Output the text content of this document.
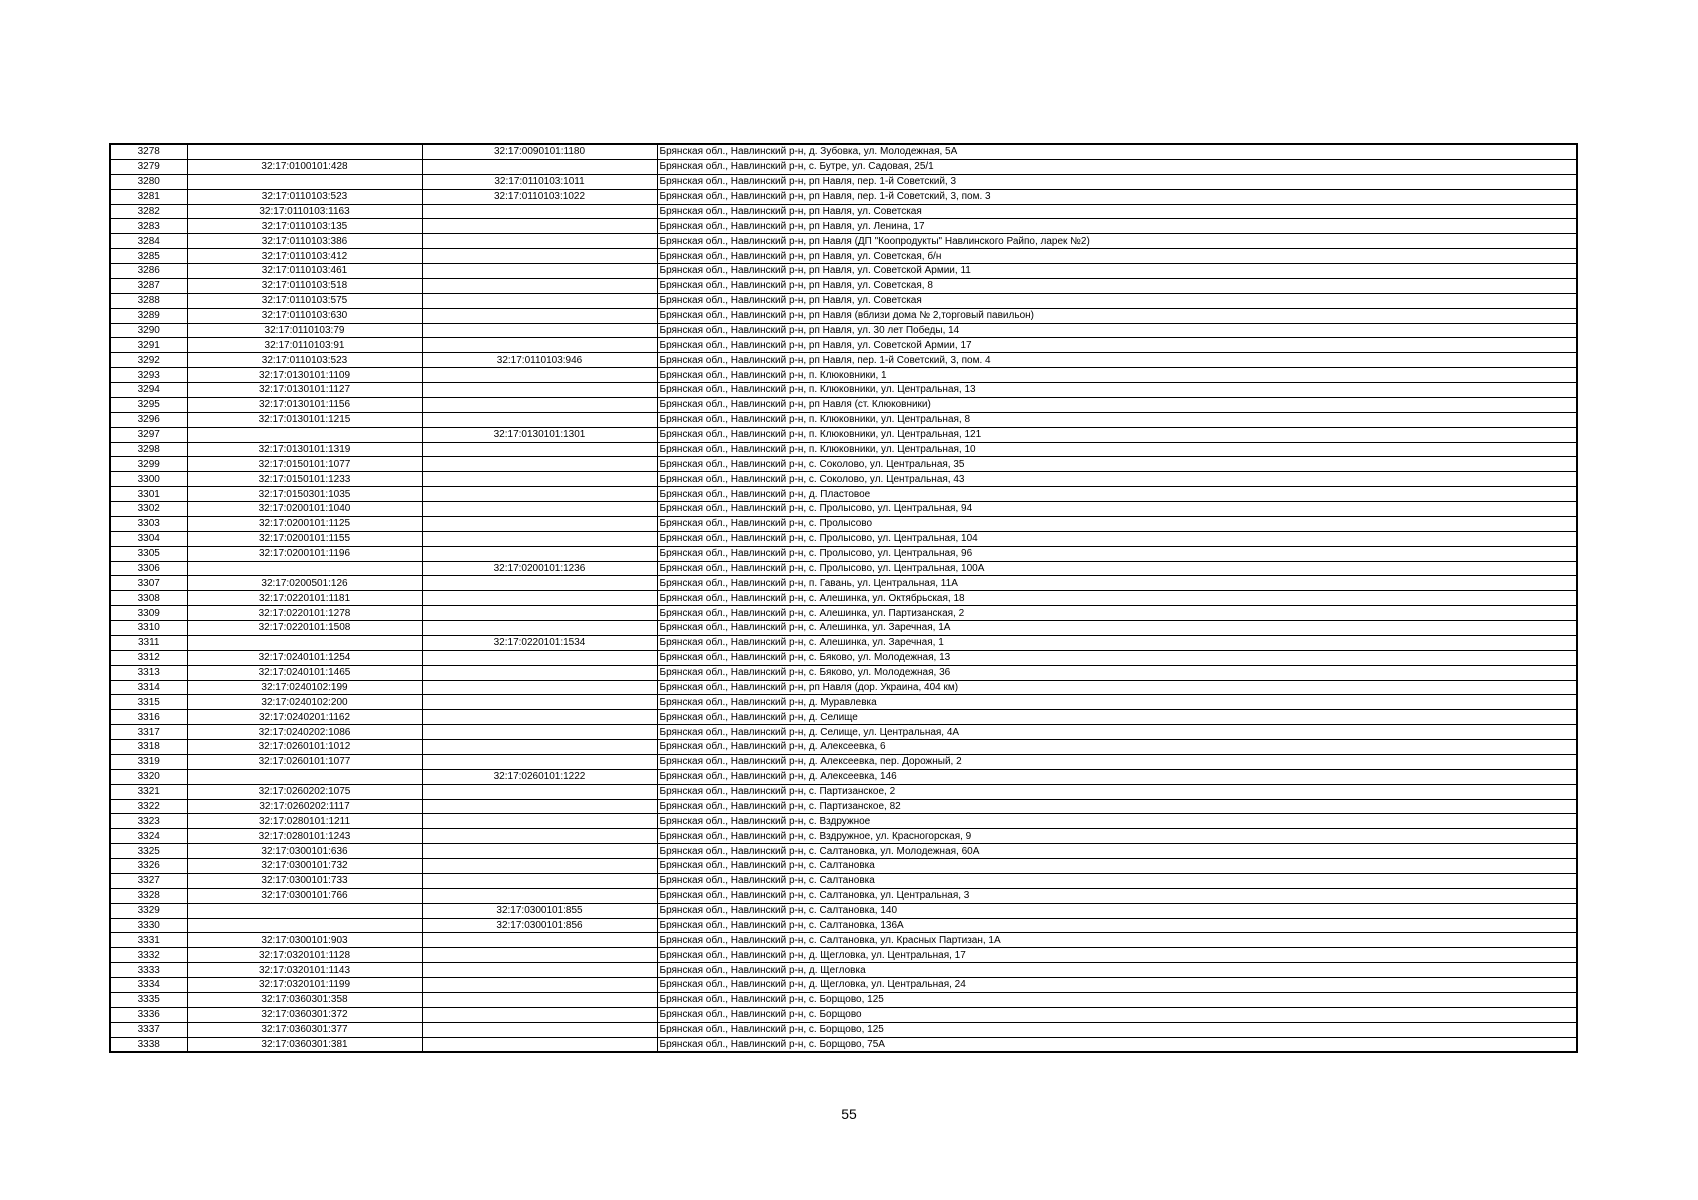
3278		32:17:0090101:1180	Брянская обл., Навлинский р-н, д. Зубовка, ул. Молодежная, 5А
3279	32:17:0100101:428		Брянская обл., Навлинский р-н, с. Бутре, ул. Садовая, 25/1
3280		32:17:0110103:1011	Брянская обл., Навлинский р-н, рп Навля, пер. 1-й Советский, 3
3281	32:17:0110103:523	32:17:0110103:1022	Брянская обл., Навлинский р-н, рп Навля, пер. 1-й Советский, 3, пом. 3
3282	32:17:0110103:1163		Брянская обл., Навлинский р-н, рп Навля, ул. Советская
3283	32:17:0110103:135		Брянская обл., Навлинский р-н, рп Навля, ул. Ленина, 17
3284	32:17:0110103:386		Брянская обл., Навлинский р-н, рп Навля (ДП "Коопродукты" Навлинского Райпо, ларек №2)
3285	32:17:0110103:412		Брянская обл., Навлинский р-н, рп Навля, ул. Советская, б/н
3286	32:17:0110103:461		Брянская обл., Навлинский р-н, рп Навля, ул. Советской Армии, 11
3287	32:17:0110103:518		Брянская обл., Навлинский р-н, рп Навля, ул. Советская, 8
3288	32:17:0110103:575		Брянская обл., Навлинский р-н, рп Навля, ул. Советская
3289	32:17:0110103:630		Брянская обл., Навлинский р-н, рп Навля (вблизи дома № 2,торговый павильон)
3290	32:17:0110103:79		Брянская обл., Навлинский р-н, рп Навля, ул. 30 лет Победы, 14
3291	32:17:0110103:91		Брянская обл., Навлинский р-н, рп Навля, ул. Советской Армии, 17
3292	32:17:0110103:523	32:17:0110103:946	Брянская обл., Навлинский р-н, рп Навля, пер. 1-й Советский, 3, пом. 4
3293	32:17:0130101:1109		Брянская обл., Навлинский р-н, п. Клюковники, 1
3294	32:17:0130101:1127		Брянская обл., Навлинский р-н, п. Клюковники, ул. Центральная, 13
3295	32:17:0130101:1156		Брянская обл., Навлинский р-н, рп Навля (ст. Клюковники)
3296	32:17:0130101:1215		Брянская обл., Навлинский р-н, п. Клюковники, ул. Центральная, 8
3297		32:17:0130101:1301	Брянская обл., Навлинский р-н, п. Клюковники, ул. Центральная, 121
3298	32:17:0130101:1319		Брянская обл., Навлинский р-н, п. Клюковники, ул. Центральная, 10
3299	32:17:0150101:1077		Брянская обл., Навлинский р-н, с. Соколово, ул. Центральная, 35
3300	32:17:0150101:1233		Брянская обл., Навлинский р-н, с. Соколово, ул. Центральная, 43
3301	32:17:0150301:1035		Брянская обл., Навлинский р-н, д. Пластовое
3302	32:17:0200101:1040		Брянская обл., Навлинский р-н, с. Пролысово, ул. Центральная, 94
3303	32:17:0200101:1125		Брянская обл., Навлинский р-н, с. Пролысово
3304	32:17:0200101:1155		Брянская обл., Навлинский р-н, с. Пролысово, ул. Центральная, 104
3305	32:17:0200101:1196		Брянская обл., Навлинский р-н, с. Пролысово, ул. Центральная, 96
3306		32:17:0200101:1236	Брянская обл., Навлинский р-н, с. Пролысово, ул. Центральная, 100А
3307	32:17:0200501:126		Брянская обл., Навлинский р-н, п. Гавань, ул. Центральная, 11А
3308	32:17:0220101:1181		Брянская обл., Навлинский р-н, с. Алешинка, ул. Октябрьская, 18
3309	32:17:0220101:1278		Брянская обл., Навлинский р-н, с. Алешинка, ул. Партизанская, 2
3310	32:17:0220101:1508		Брянская обл., Навлинский р-н, с. Алешинка, ул. Заречная, 1А
3311		32:17:0220101:1534	Брянская обл., Навлинский р-н, с. Алешинка, ул. Заречная, 1
3312	32:17:0240101:1254		Брянская обл., Навлинский р-н, с. Бяково, ул. Молодежная, 13
3313	32:17:0240101:1465		Брянская обл., Навлинский р-н, с. Бяково, ул. Молодежная, 36
3314	32:17:0240102:199		Брянская обл., Навлинский р-н, рп Навля (дор. Украина, 404 км)
3315	32:17:0240102:200		Брянская обл., Навлинский р-н, д. Муравлевка
3316	32:17:0240201:1162		Брянская обл., Навлинский р-н, д. Селище
3317	32:17:0240202:1086		Брянская обл., Навлинский р-н, д. Селище, ул. Центральная, 4А
3318	32:17:0260101:1012		Брянская обл., Навлинский р-н, д. Алексеевка, 6
3319	32:17:0260101:1077		Брянская обл., Навлинский р-н, д. Алексеевка, пер. Дорожный, 2
3320		32:17:0260101:1222	Брянская обл., Навлинский р-н, д. Алексеевка, 146
3321	32:17:0260202:1075		Брянская обл., Навлинский р-н, с. Партизанское, 2
3322	32:17:0260202:1117		Брянская обл., Навлинский р-н, с. Партизанское, 82
3323	32:17:0280101:1211		Брянская обл., Навлинский р-н, с. Вздружное
3324	32:17:0280101:1243		Брянская обл., Навлинский р-н, с. Вздружное, ул. Красногорская, 9
3325	32:17:0300101:636		Брянская обл., Навлинский р-н, с. Салтановка, ул. Молодежная, 60А
3326	32:17:0300101:732		Брянская обл., Навлинский р-н, с. Салтановка
3327	32:17:0300101:733		Брянская обл., Навлинский р-н, с. Салтановка
3328	32:17:0300101:766		Брянская обл., Навлинский р-н, с. Салтановка, ул. Центральная, 3
3329		32:17:0300101:855	Брянская обл., Навлинский р-н, с. Салтановка, 140
3330		32:17:0300101:856	Брянская обл., Навлинский р-н, с. Салтановка, 136А
3331	32:17:0300101:903		Брянская обл., Навлинский р-н, с. Салтановка, ул. Красных Партизан, 1А
3332	32:17:0320101:1128		Брянская обл., Навлинский р-н, д. Щегловка, ул. Центральная, 17
3333	32:17:0320101:1143		Брянская обл., Навлинский р-н, д. Щегловка
3334	32:17:0320101:1199		Брянская обл., Навлинский р-н, д. Щегловка, ул. Центральная, 24
3335	32:17:0360301:358		Брянская обл., Навлинский р-н, с. Борщово, 125
3336	32:17:0360301:372		Брянская обл., Навлинский р-н, с. Борщово
3337	32:17:0360301:377		Брянская обл., Навлинский р-н, с. Борщово, 125
3338	32:17:0360301:381		Брянская обл., Навлинский р-н, с. Борщово, 75А
55
